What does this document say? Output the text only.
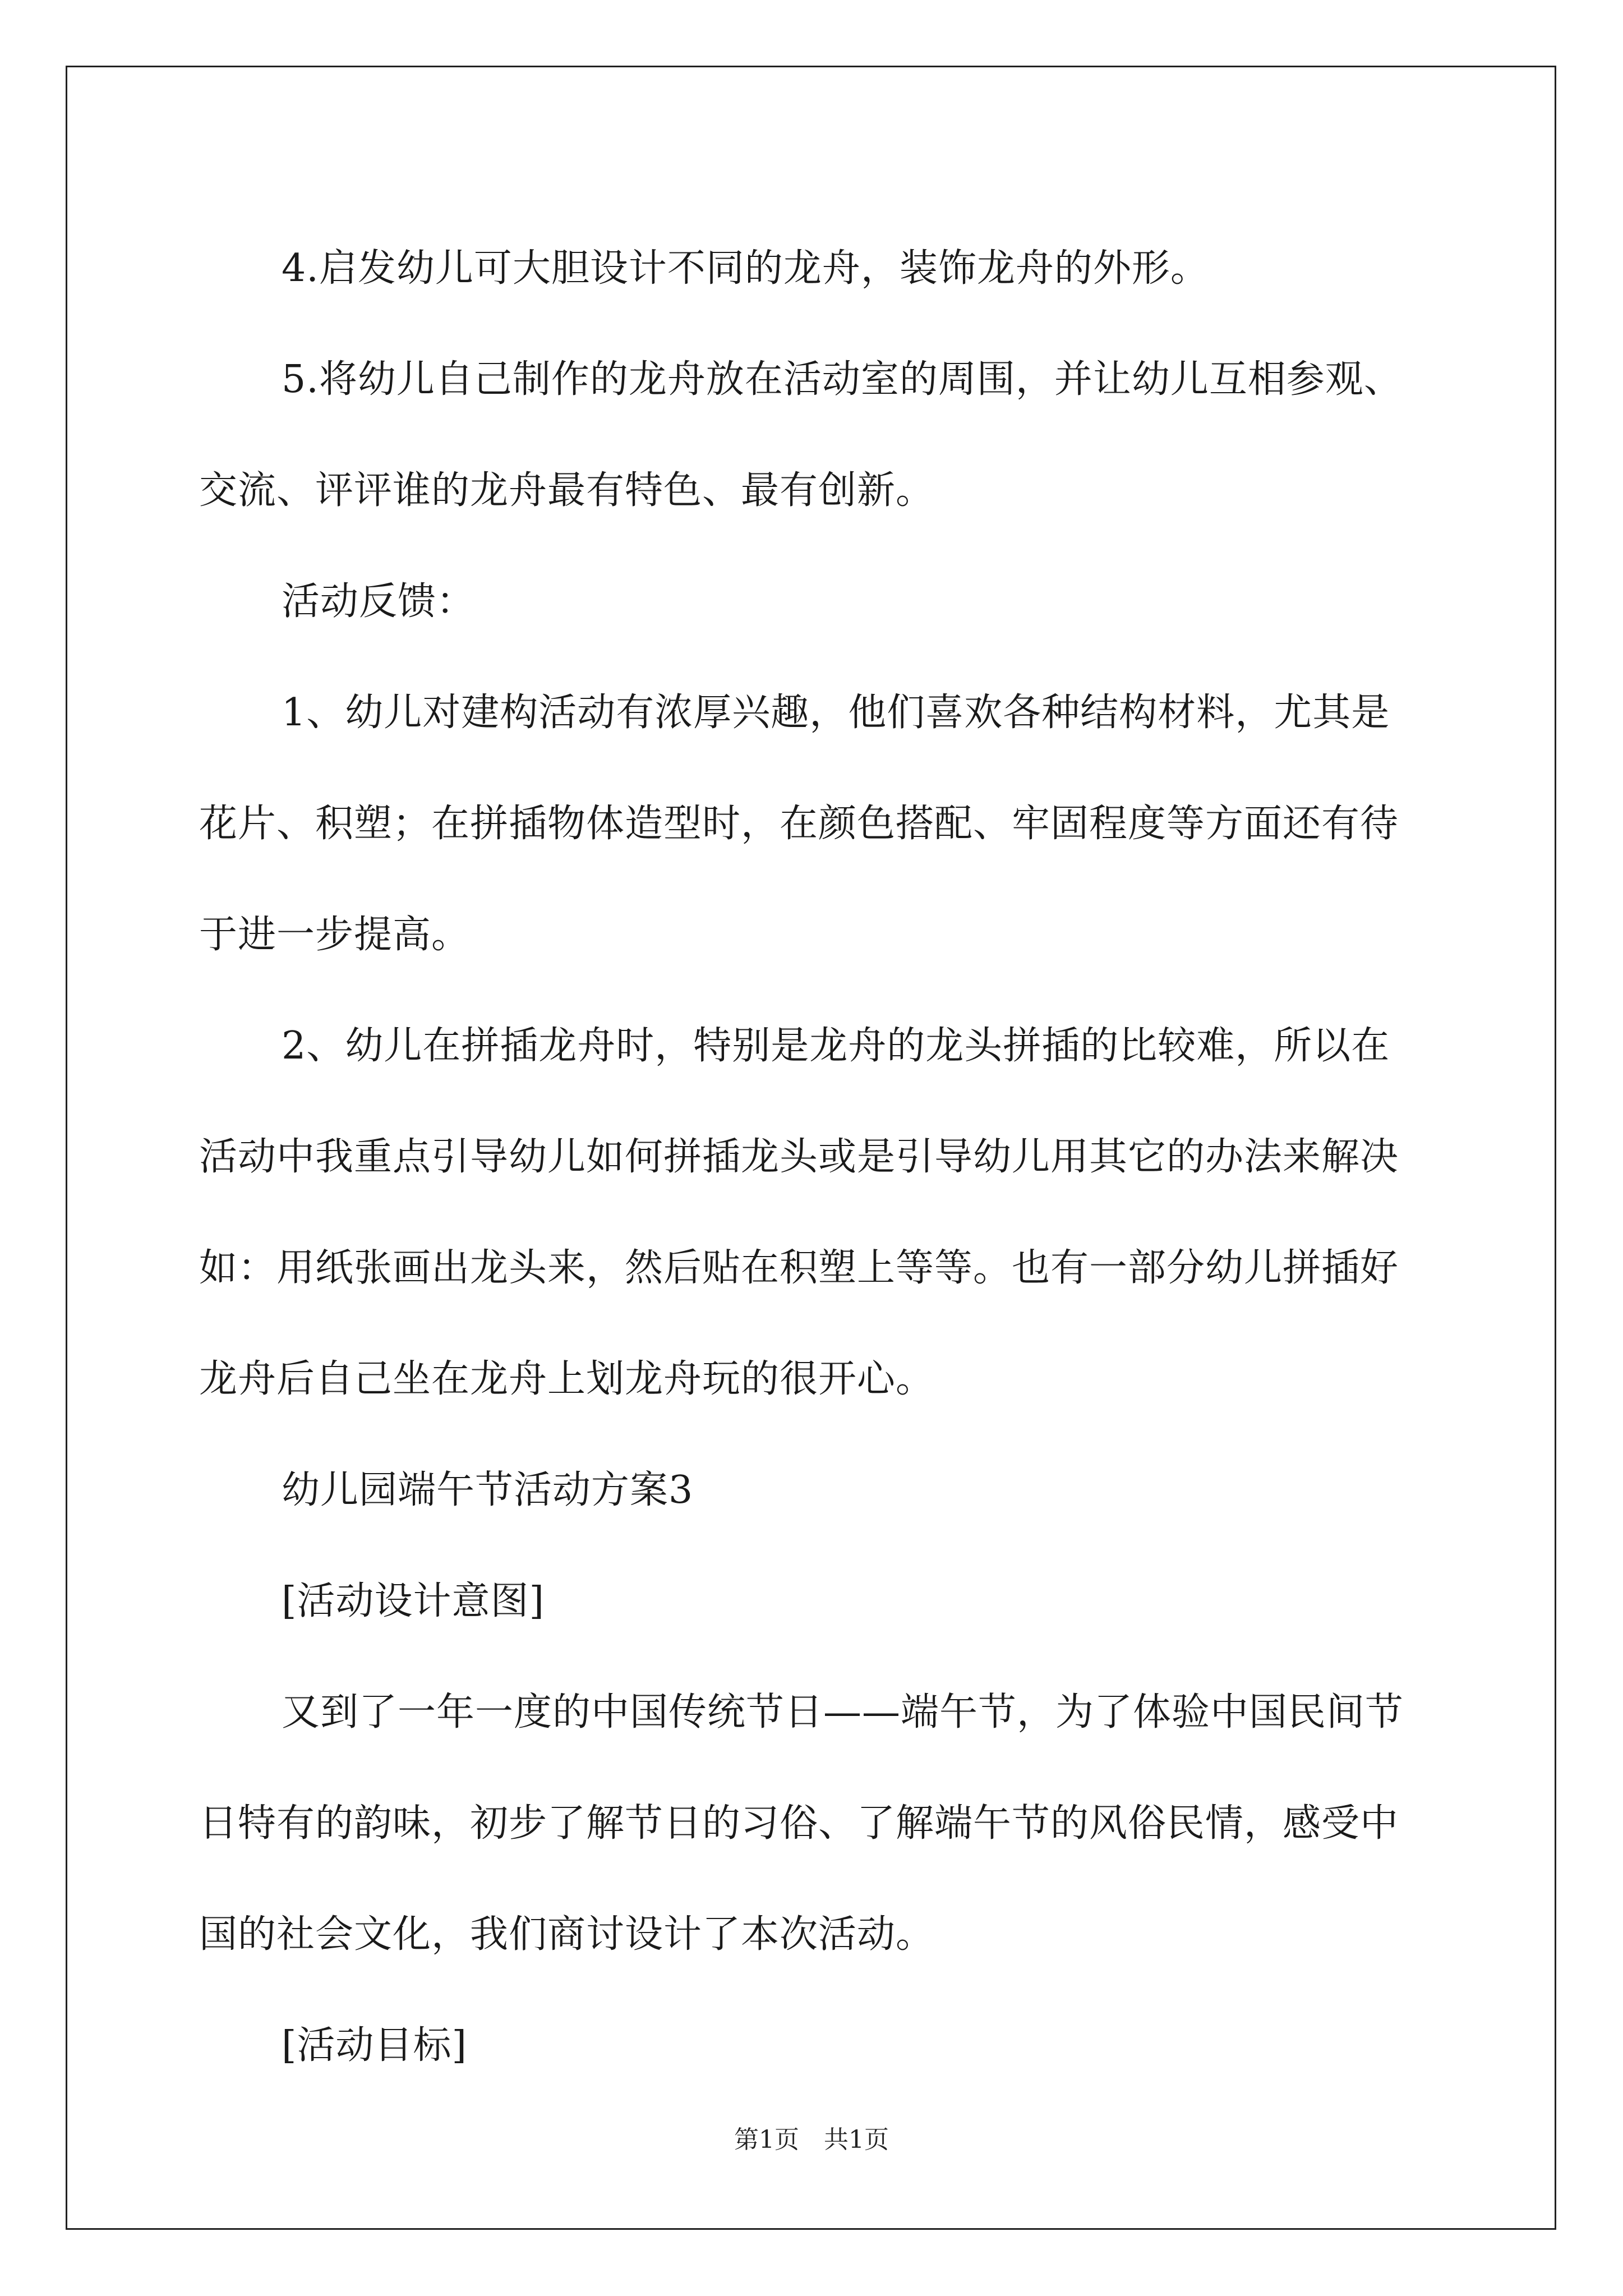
4.启发幼儿可大胆设计不同的龙舟，装饰龙舟的外形。

5.将幼儿自己制作的龙舟放在活动室的周围，并让幼儿互相参观、交流、评评谁的龙舟最有特色、最有创新。

活动反馈：

1、幼儿对建构活动有浓厚兴趣，他们喜欢各种结构材料，尤其是花片、积塑；在拼插物体造型时，在颜色搭配、牢固程度等方面还有待于进一步提高。

2、幼儿在拼插龙舟时，特别是龙舟的龙头拼插的比较难，所以在活动中我重点引导幼儿如何拼插龙头或是引导幼儿用其它的办法来解决如：用纸张画出龙头来，然后贴在积塑上等等。也有一部分幼儿拼插好龙舟后自己坐在龙舟上划龙舟玩的很开心。

幼儿园端午节活动方案3

[活动设计意图]

又到了一年一度的中国传统节日——端午节，为了体验中国民间节日特有的韵味，初步了解节日的习俗、了解端午节的风俗民情，感受中国的社会文化，我们商讨设计了本次活动。

[活动目标]

第1页 共1页
